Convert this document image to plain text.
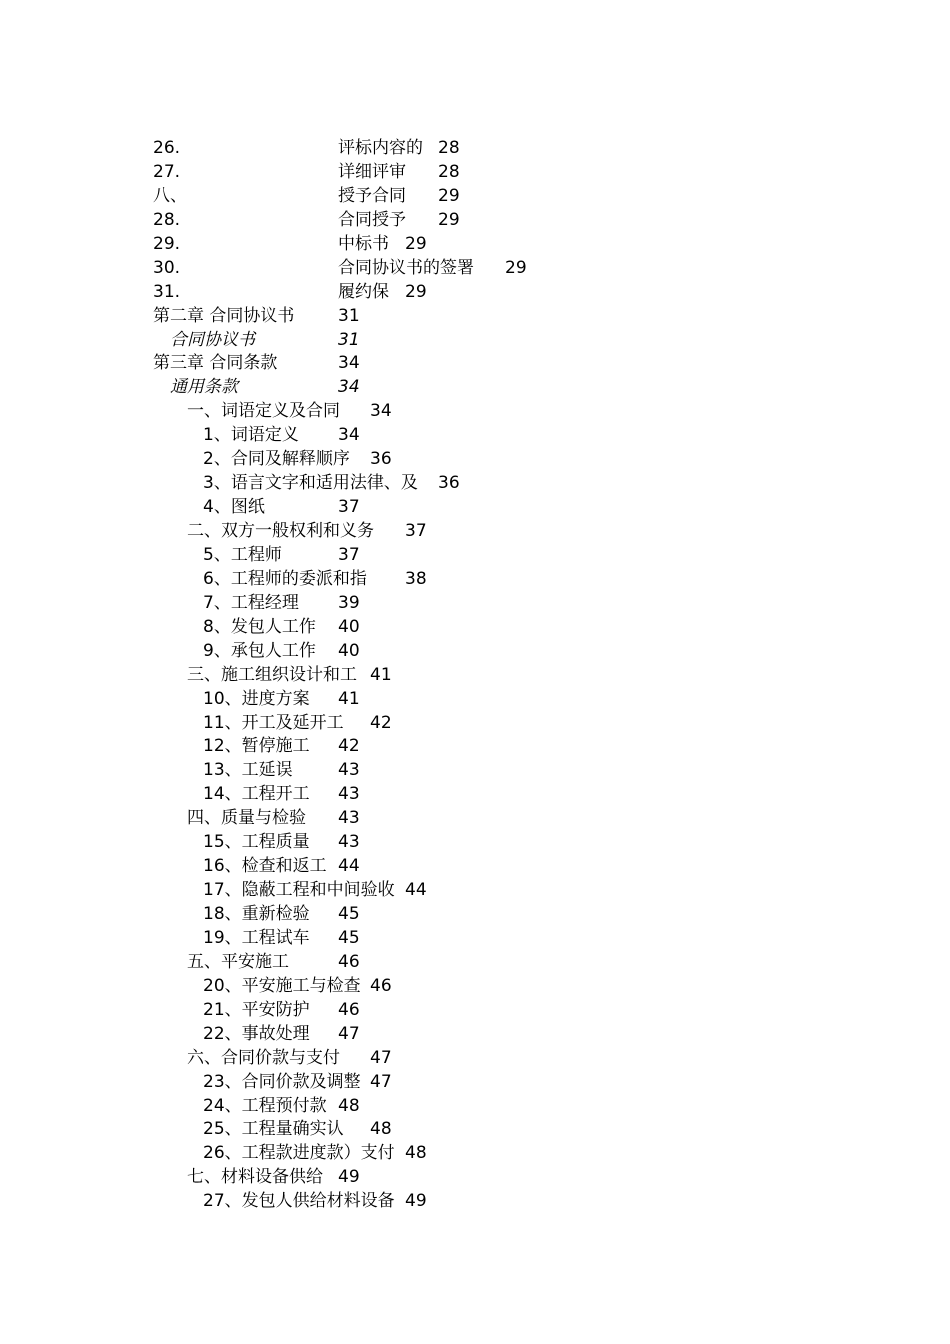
26.	评标内容的 28
27.	详细评审 28
八、	授予合同 29
28.	合同授予 29
29.	中标书 29
30.	合同协议书的签署 29
31.	履约保 29
第二章 合同协议书	31
合同协议书	31
第三章 合同条款	34
通用条款	34
一、词语定义及合同 34
1、词语定义 34
2、合同及解释顺序 36
3、语言文字和适用法律、及 36
4、图纸	37
二、双方一般权利和义务 37
5、工程师	37
6、工程师的委派和指 38
7、工程经理 39
8、发包人工作 40
9、承包人工作 40
三、施工组织设计和工 41
10、进度方案 41
11、开工及延开工 42
12、暂停施工 42
13、工延误	43
14、工程开工 43
四、质量与检验 43
15、工程质量 43
16、检查和返工 44
17、隐蔽工程和中间验收 44
18、重新检验 45
19、工程试车 45
五、平安施工	46
20、平安施工与检查 46
21、平安防护 46
22、事故处理 47
六、合同价款与支付 47
23、合同价款及调整 47
24、工程预付款 48
25、工程量确实认 48
26、工程款进度款）支付 48
七、材料设备供给 49
27、发包人供给材料设备 49
